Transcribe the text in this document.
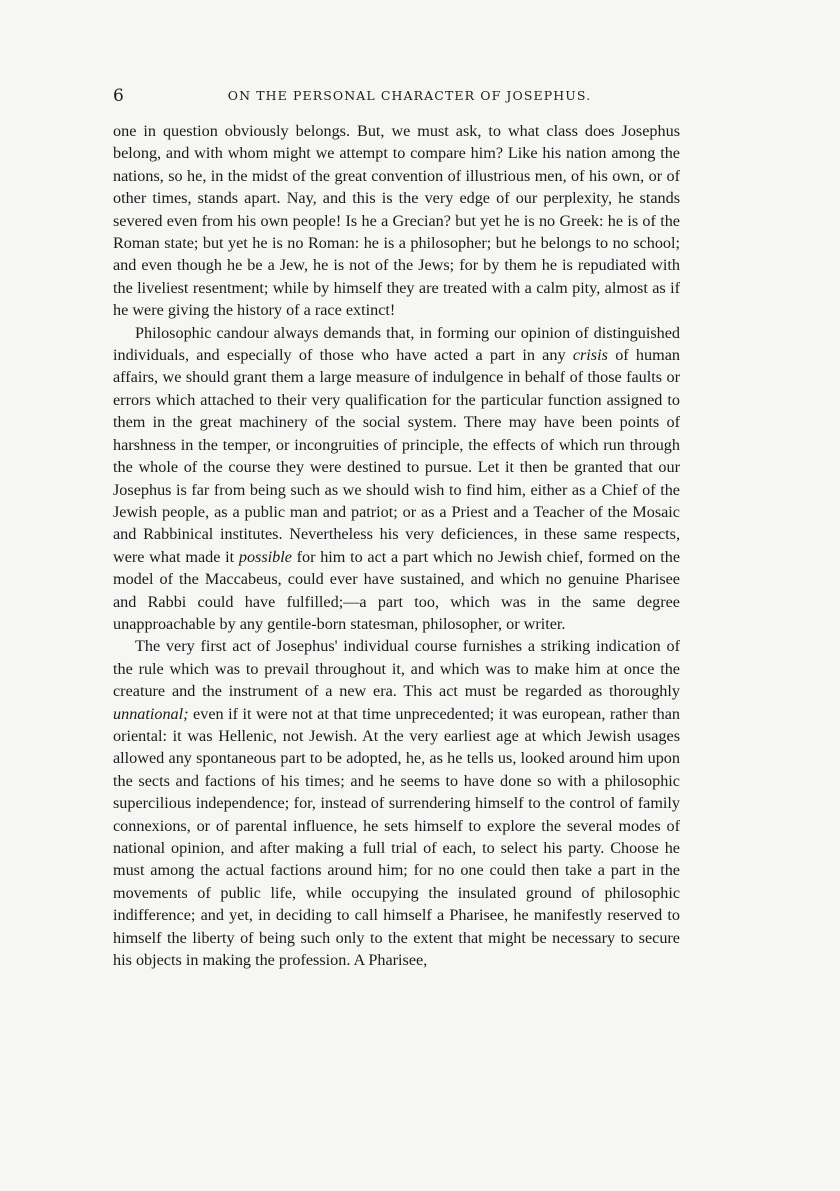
6	ON THE PERSONAL CHARACTER OF JOSEPHUS.

one in question obviously belongs. But, we must ask, to what class does Josephus belong, and with whom might we attempt to compare him? Like his nation among the nations, so he, in the midst of the great convention of illustrious men, of his own, or of other times, stands apart. Nay, and this is the very edge of our perplexity, he stands severed even from his own people! Is he a Grecian? but yet he is no Greek: he is of the Roman state; but yet he is no Roman: he is a philosopher; but he belongs to no school; and even though he be a Jew, he is not of the Jews; for by them he is repudiated with the liveliest resentment; while by himself they are treated with a calm pity, almost as if he were giving the history of a race extinct!

Philosophic candour always demands that, in forming our opinion of distinguished individuals, and especially of those who have acted a part in any crisis of human affairs, we should grant them a large measure of indulgence in behalf of those faults or errors which attached to their very qualification for the particular function assigned to them in the great machinery of the social system. There may have been points of harshness in the temper, or incongruities of principle, the effects of which run through the whole of the course they were destined to pursue. Let it then be granted that our Josephus is far from being such as we should wish to find him, either as a Chief of the Jewish people, as a public man and patriot; or as a Priest and a Teacher of the Mosaic and Rabbinical institutes. Nevertheless his very deficiences, in these same respects, were what made it possible for him to act a part which no Jewish chief, formed on the model of the Maccabeus, could ever have sustained, and which no genuine Pharisee and Rabbi could have fulfilled;—a part too, which was in the same degree unapproachable by any gentile-born statesman, philosopher, or writer.

The very first act of Josephus' individual course furnishes a striking indication of the rule which was to prevail throughout it, and which was to make him at once the creature and the instrument of a new era. This act must be regarded as thoroughly unnational; even if it were not at that time unprecedented; it was european, rather than oriental: it was Hellenic, not Jewish. At the very earliest age at which Jewish usages allowed any spontaneous part to be adopted, he, as he tells us, looked around him upon the sects and factions of his times; and he seems to have done so with a philosophic supercilious independence; for, instead of surrendering himself to the control of family connexions, or of parental influence, he sets himself to explore the several modes of national opinion, and after making a full trial of each, to select his party. Choose he must among the actual factions around him; for no one could then take a part in the movements of public life, while occupying the insulated ground of philosophic indifference; and yet, in deciding to call himself a Pharisee, he manifestly reserved to himself the liberty of being such only to the extent that might be necessary to secure his objects in making the profession. A Pharisee,
